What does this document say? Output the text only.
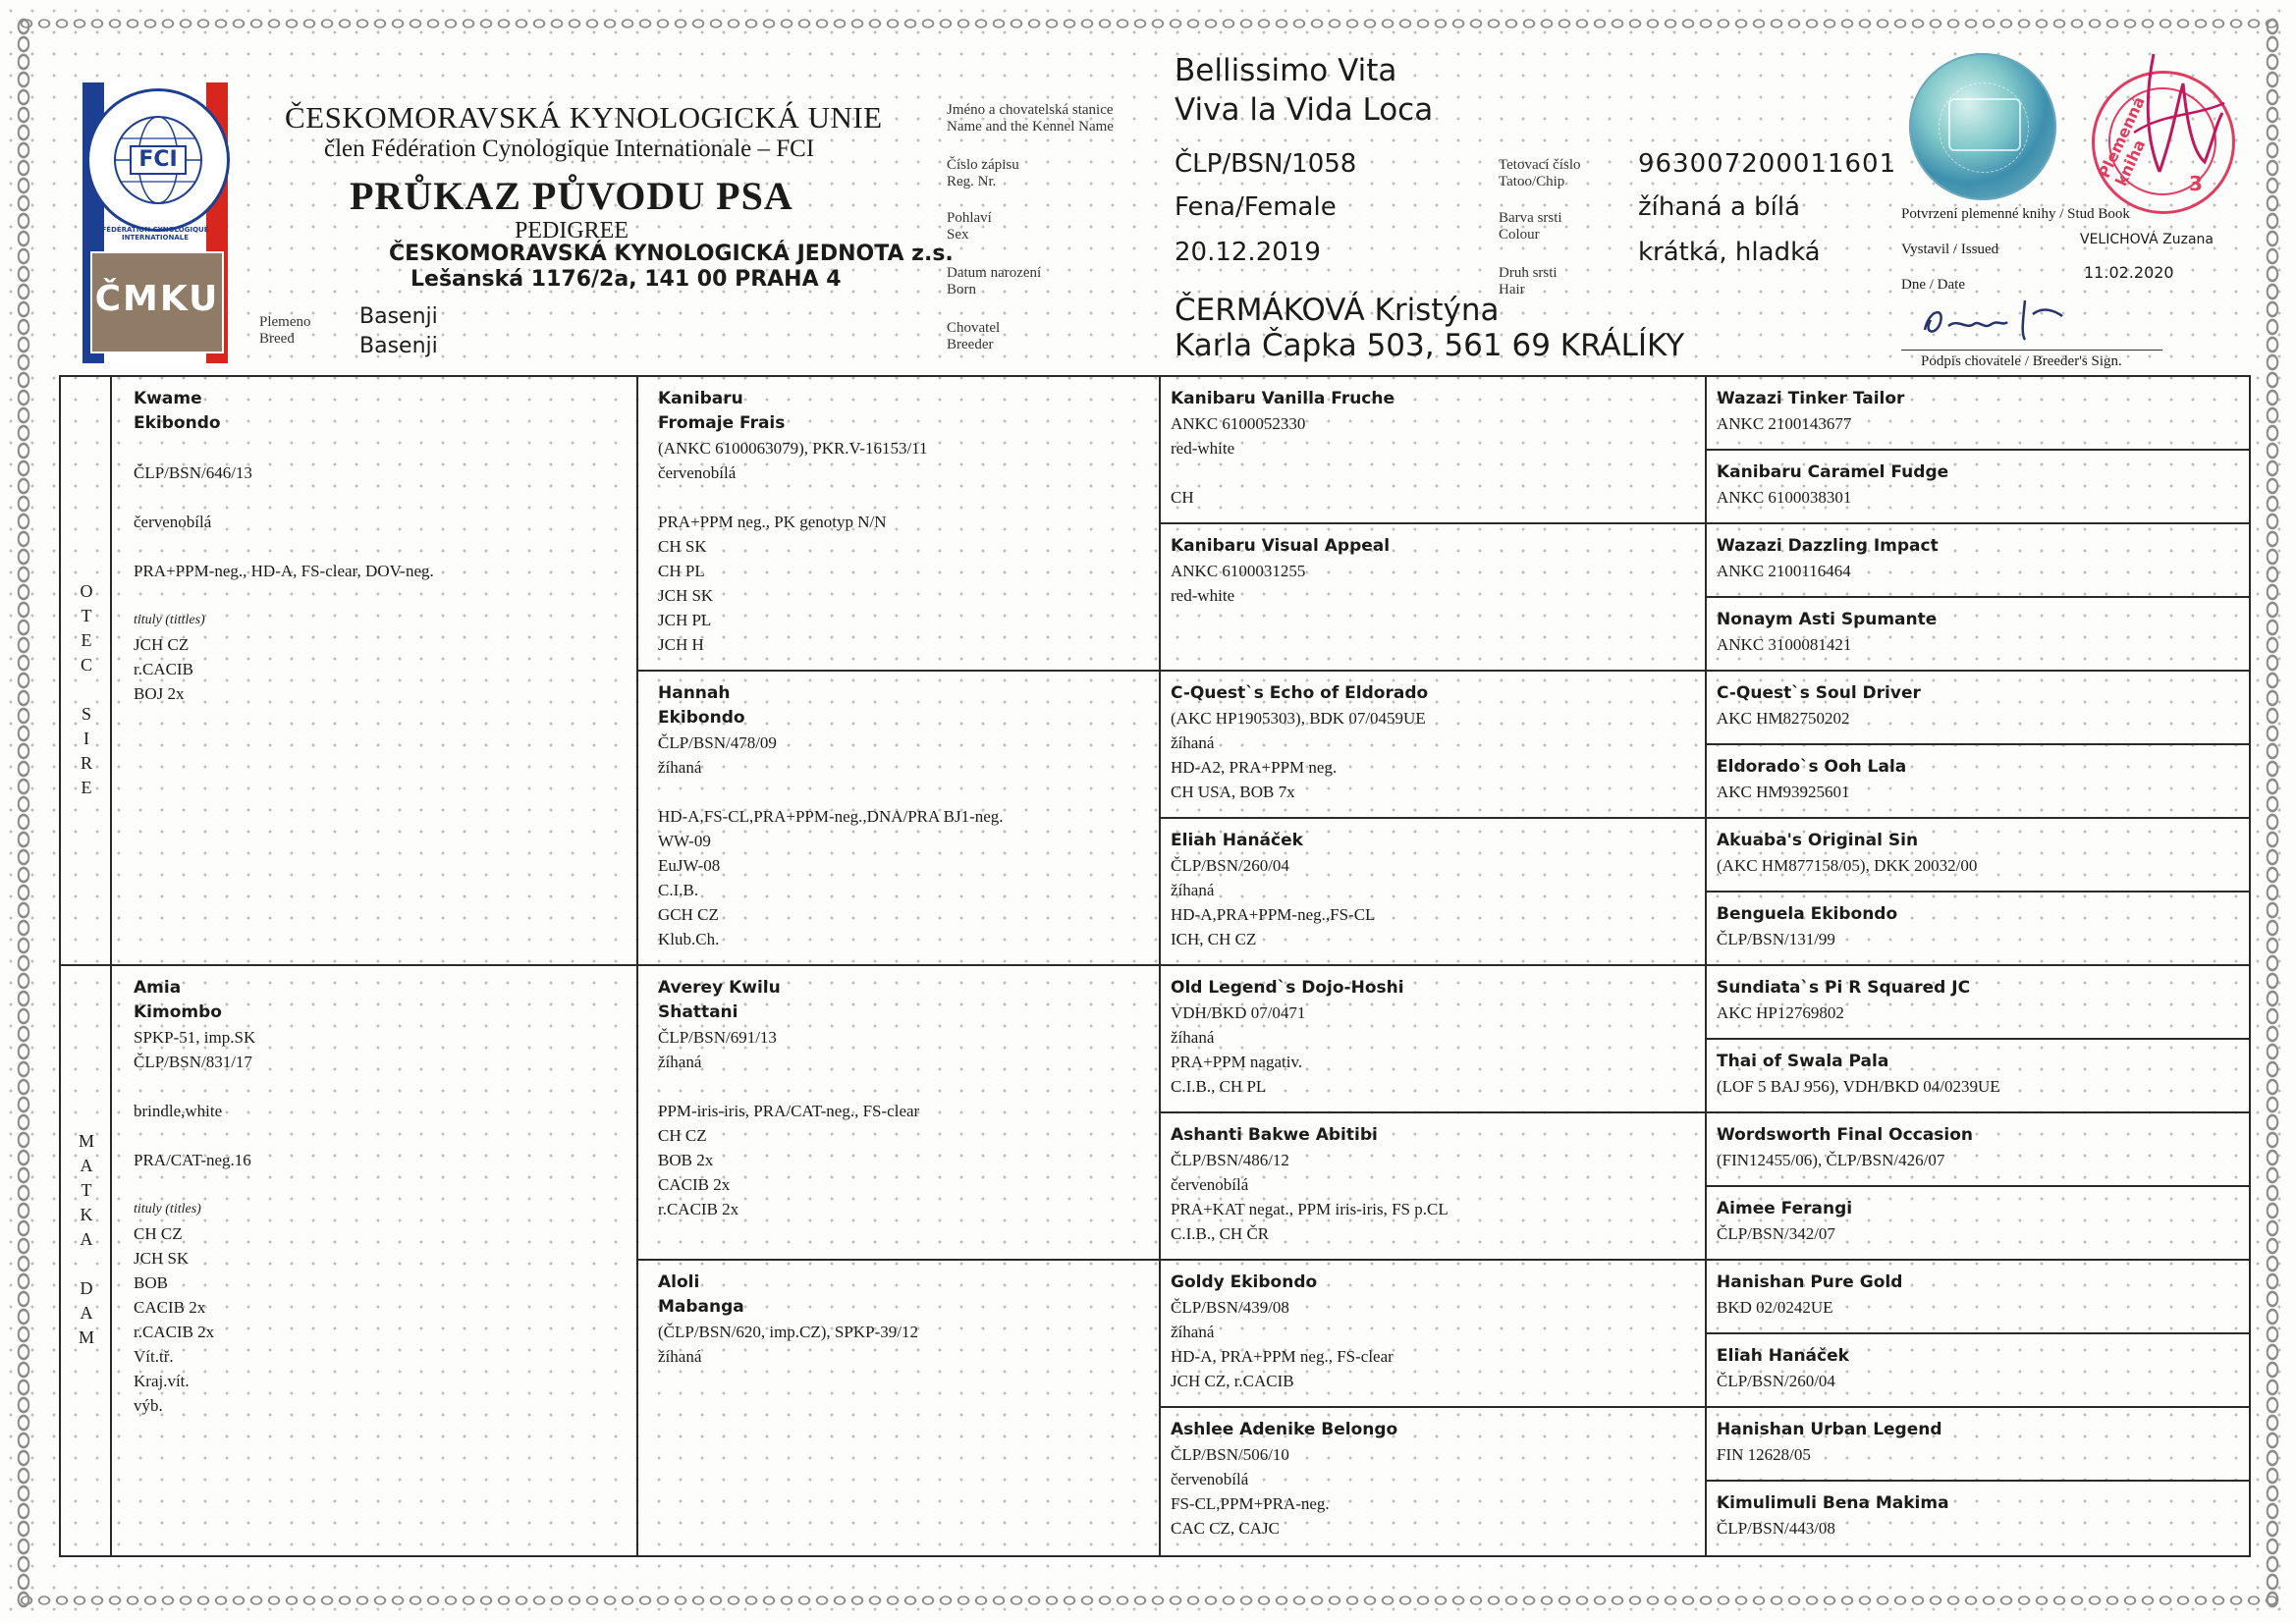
FCI
FÉDÉRATION CYNOLOGIQUE INTERNATIONALE
ČMKU
ČESKOMORAVSKÁ KYNOLOGICKÁ UNIE
člen Fédération Cynologique Internationale – FCI
PRŮKAZ PŮVODU PSA
PEDIGREE
ČESKOMORAVSKÁ KYNOLOGICKÁ JEDNOTA z.s.
Lešanská 1176/2a, 141 00 PRAHA 4
Plemeno
Breed
Basenji
Basenji
Jméno a chovatelská stanice
Name and the Kennel Name
Číslo zápisu
Reg. Nr.
Pohlaví
Sex
Datum narození
Born
Chovatel
Breeder
Bellissimo Vita
Viva la Vida Loca
ČLP/BSN/1058
Fena/Female
20.12.2019
ČERMÁKOVÁ Kristýna
Karla Čapka 503, 561 69 KRÁLÍKY
Tetovací číslo
Tatoo/Chip
Barva srsti
Colour
Druh srsti
Hair
963007200011601
žíhaná a bílá
krátká, hladká
Plemenná kniha	3
Potvrzení plemenné knihy / Stud Book
Vystavil / Issued
VELICHOVÁ Zuzana
Dne / Date
11.02.2020
Podpis chovatele / Breeder's Sign.
O
T
E
C

S
I
R
E
M
A
T
K
A

D
A
M
Kwame
Ekibondo
ČLP/BSN/646/13
červenobílá
PRA+PPM-neg., HD-A, FS-clear, DOV-neg.
tituly (tittles)
JCH CZ
r.CACIB
BOJ 2x
Amia
Kimombo
SPKP-51, imp.SK
ČLP/BSN/831/17
brindle,white
PRA/CAT-neg.16
tituly (titles)
CH CZ
JCH SK
BOB
CACIB 2x
r.CACIB 2x
Vít.tř.
Kraj.vít.
výb.
Kanibaru
Fromaje Frais
(ANKC 6100063079), PKR.V-16153/11
červenobílá
PRA+PPM neg., PK genotyp N/N
CH SK
CH PL
JCH SK
JCH PL
JCH H
Hannah
Ekibondo
ČLP/BSN/478/09
žíhaná
HD-A,FS-CL,PRA+PPM-neg.,DNA/PRA BJ1-neg.
WW-09
EuJW-08
C.I.B.
GCH CZ
Klub.Ch.
Averey Kwilu
Shattani
ČLP/BSN/691/13
žíhaná
PPM-iris-iris, PRA/CAT-neg., FS-clear
CH CZ
BOB 2x
CACIB 2x
r.CACIB 2x
Aloli
Mabanga
(ČLP/BSN/620, imp.CZ), SPKP-39/12
žíhaná
Kanibaru Vanilla Fruche
ANKC 6100052330
red-white
CH
Kanibaru Visual Appeal
ANKC 6100031255
red-white
C-Quest`s Echo of Eldorado
(AKC HP1905303), BDK 07/0459UE
žíhaná
HD-A2, PRA+PPM neg.
CH USA, BOB 7x
Eliah Hanáček
ČLP/BSN/260/04
žíhaná
HD-A,PRA+PPM-neg.,FS-CL
ICH, CH CZ
Old Legend`s Dojo-Hoshi
VDH/BKD 07/0471
žíhaná
PRA+PPM nagativ.
C.I.B., CH PL
Ashanti Bakwe Abitibi
ČLP/BSN/486/12
červenobílá
PRA+KAT negat., PPM iris-iris, FS p.CL
C.I.B., CH ČR
Goldy Ekibondo
ČLP/BSN/439/08
žíhaná
HD-A, PRA+PPM neg., FS-clear
JCH CZ, r.CACIB
Ashlee Adenike Belongo
ČLP/BSN/506/10
červenobílá
FS-CL,PPM+PRA-neg.
CAC CZ, CAJC
Wazazi Tinker Tailor
ANKC 2100143677
Kanibaru Caramel Fudge
ANKC 6100038301
Wazazi Dazzling Impact
ANKC 2100116464
Nonaym Asti Spumante
ANKC 3100081421
C-Quest`s Soul Driver
AKC HM82750202
Eldorado`s Ooh Lala
AKC HM93925601
Akuaba's Original Sin
(AKC HM877158/05), DKK 20032/00
Benguela Ekibondo
ČLP/BSN/131/99
Sundiata`s Pi R Squared JC
AKC HP12769802
Thai of Swala Pala
(LOF 5 BAJ 956), VDH/BKD 04/0239UE
Wordsworth Final Occasion
(FIN12455/06), ČLP/BSN/426/07
Aimee Ferangi
ČLP/BSN/342/07
Hanishan Pure Gold
BKD 02/0242UE
Eliah Hanáček
ČLP/BSN/260/04
Hanishan Urban Legend
FIN 12628/05
Kimulimuli Bena Makima
ČLP/BSN/443/08
